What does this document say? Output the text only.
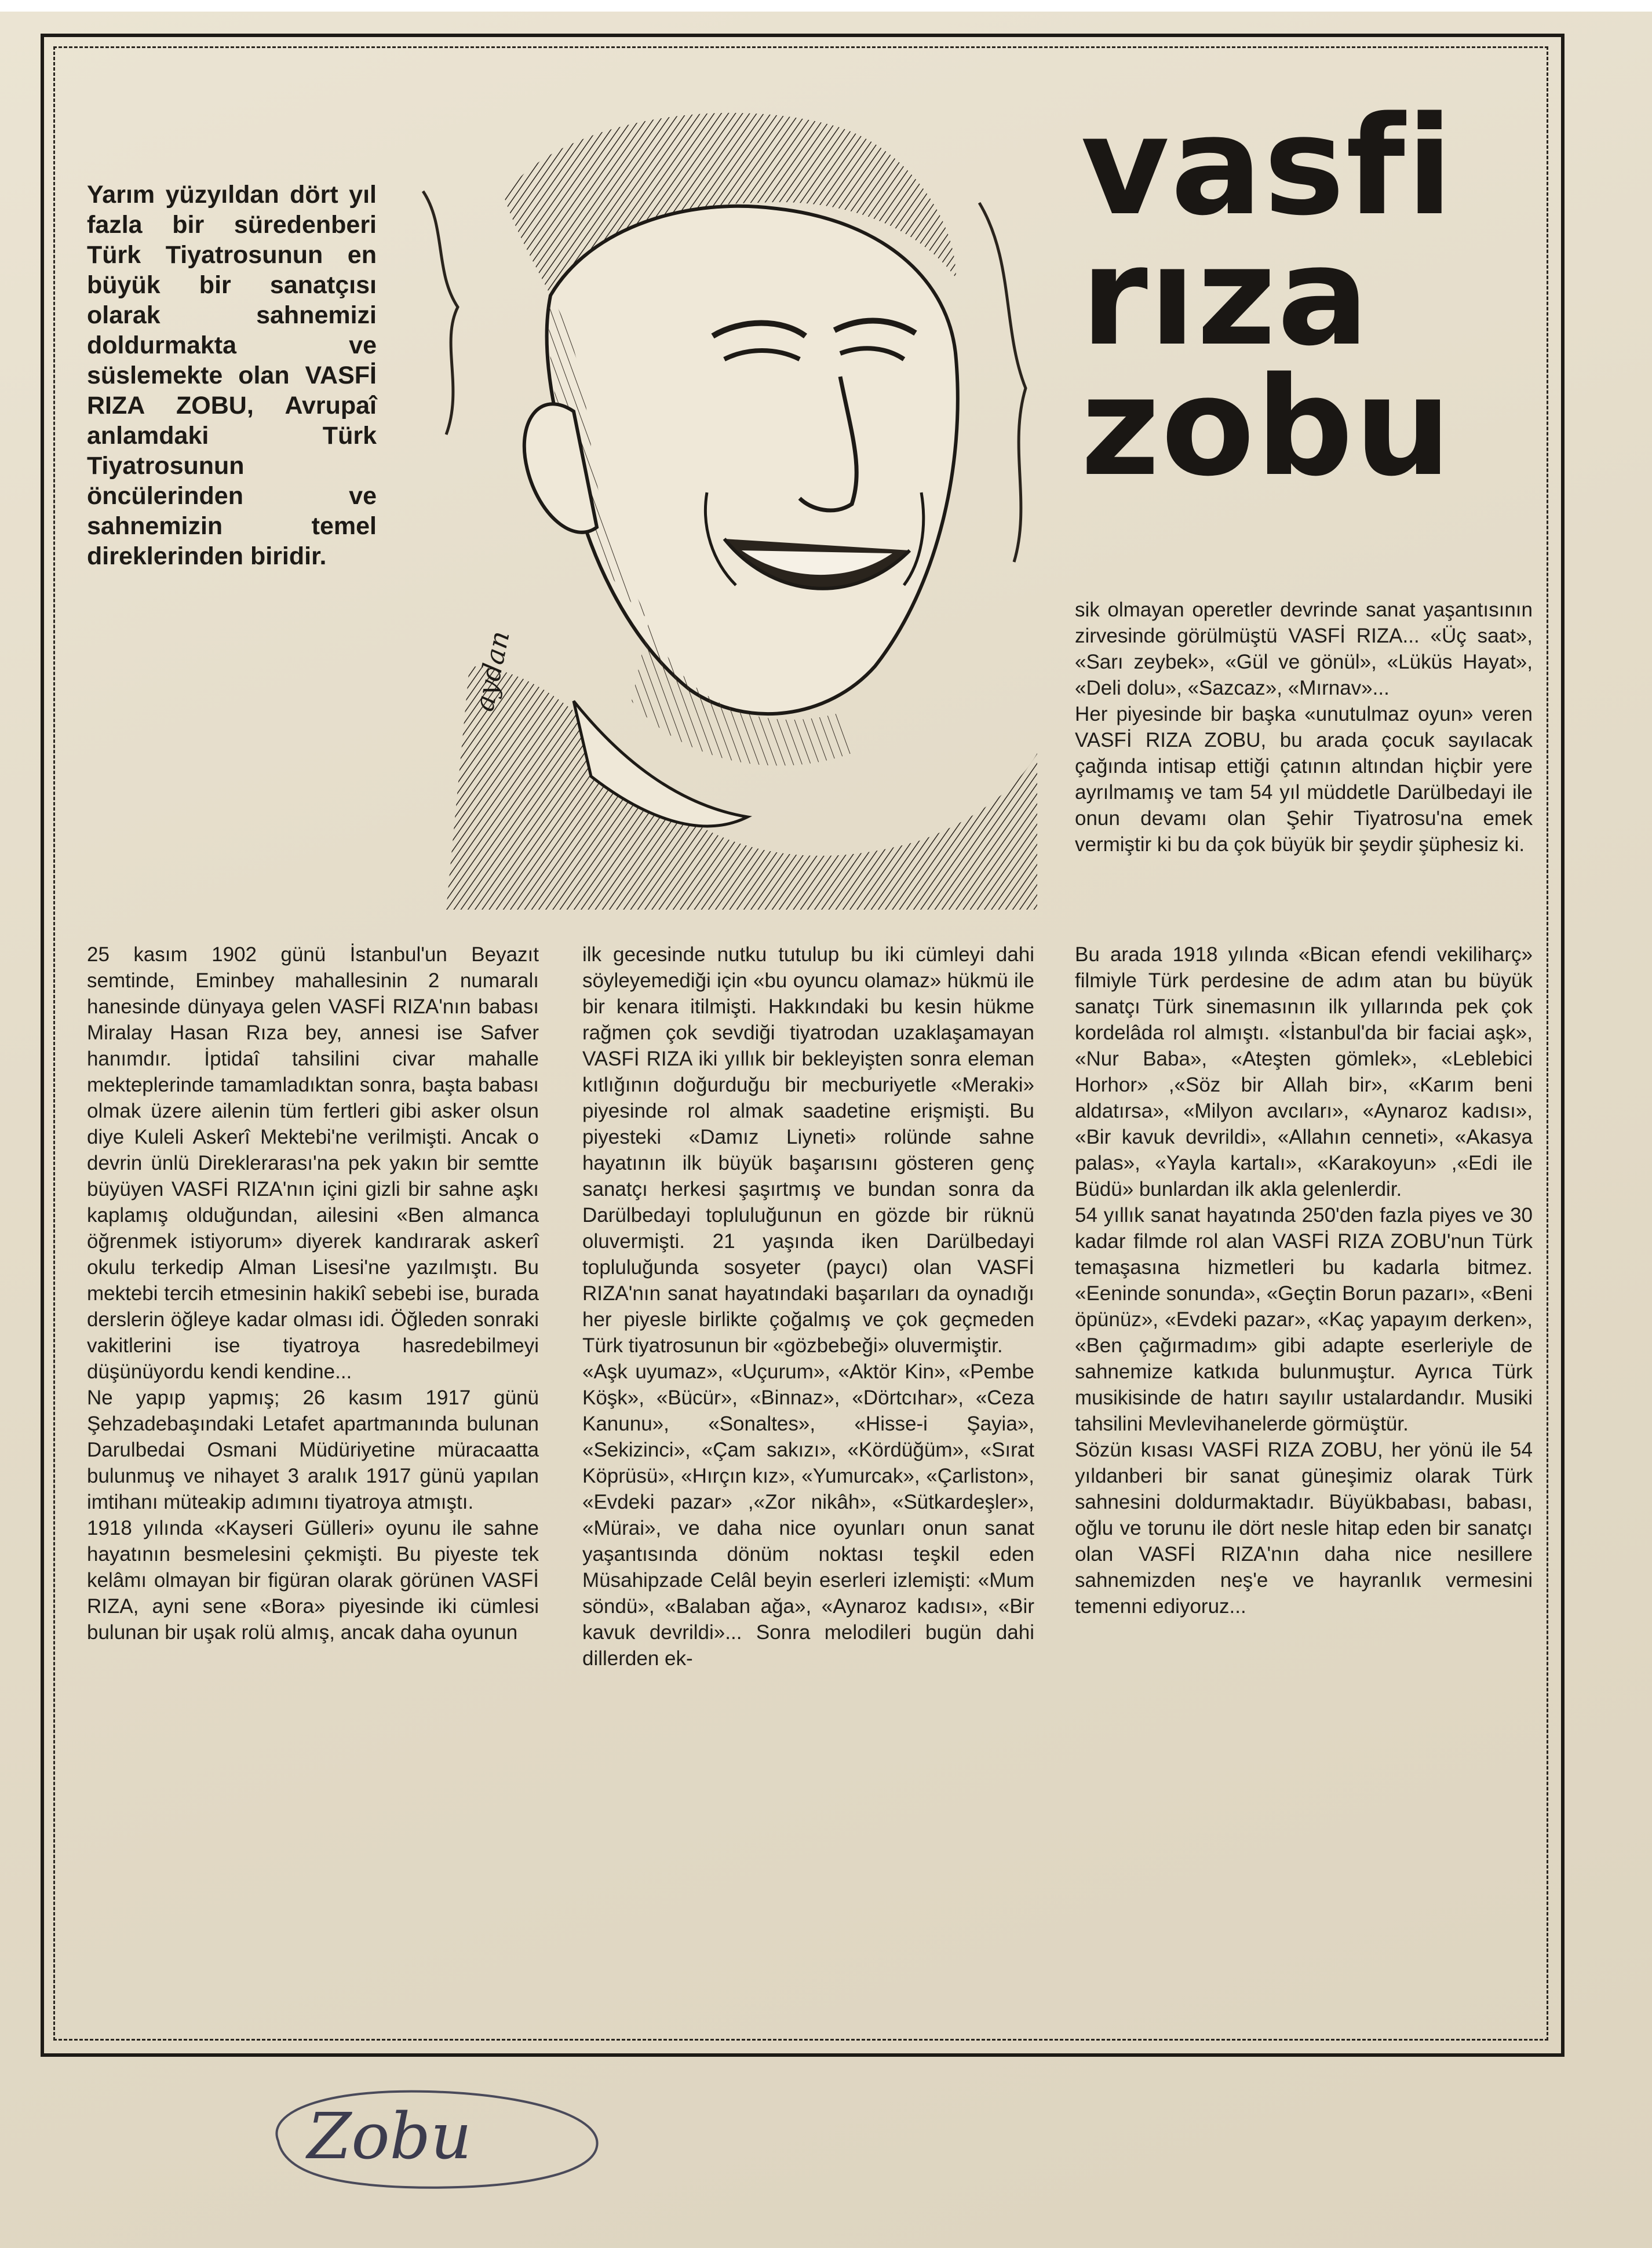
Yarım yüzyıldan dört yıl fazla bir süredenberi Türk Tiyatrosunun en büyük bir sanatçısı olarak sahnemizi doldurmakta ve süslemekte olan VASFİ RIZA ZOBU, Avrupaî anlamdaki Türk Tiyatrosunun öncülerinden ve sahnemizin temel direklerinden biridir.
aydan
vasfi
rıza
zobu

sik olmayan operetler devrinde sanat yaşantısının zirvesinde görülmüştü VASFİ RIZA... «Üç saat», «Sarı zeybek», «Gül ve gönül», «Lüküs Hayat», «Deli dolu», «Sazcaz», «Mırnav»...

Her piyesinde bir başka «unutulmaz oyun» veren VASFİ RIZA ZOBU, bu arada çocuk sayılacak çağında intisap ettiği çatının altından hiçbir yere ayrılmamış ve tam 54 yıl müddetle Darülbedayi ile onun devamı olan Şehir Tiyatrosu'na emek vermiştir ki bu da çok büyük bir şeydir şüphesiz ki.

25 kasım 1902 günü İstanbul'un Beyazıt semtinde, Eminbey mahallesinin 2 numaralı hanesinde dünyaya gelen VASFİ RIZA'nın babası Miralay Hasan Rıza bey, annesi ise Safver hanımdır. İptidaî tahsilini civar mahalle mekteplerinde tamamladıktan sonra, başta babası olmak üzere ailenin tüm fertleri gibi asker olsun diye Kuleli Askerî Mektebi'ne verilmişti. Ancak o devrin ünlü Direklerarası'na pek yakın bir semtte büyüyen VASFİ RIZA'nın içini gizli bir sahne aşkı kaplamış olduğundan, ailesini «Ben almanca öğrenmek istiyorum» diyerek kandırarak askerî okulu terkedip Alman Lisesi'ne yazılmıştı. Bu mektebi tercih etmesinin hakikî sebebi ise, burada derslerin öğleye kadar olması idi. Öğleden sonraki vakitlerini ise tiyatroya hasredebilmeyi düşünüyordu kendi kendine...

Ne yapıp yapmış; 26 kasım 1917 günü Şehzadebaşındaki Letafet apartmanında bulunan Darulbedai Osmani Müdüriyetine müracaatta bulunmuş ve nihayet 3 aralık 1917 günü yapılan imtihanı müteakip adımını tiyatroya atmıştı.

1918 yılında «Kayseri Gülleri» oyunu ile sahne hayatının besmelesini çekmişti. Bu piyeste tek kelâmı olmayan bir figüran olarak görünen VASFİ RIZA, ayni sene «Bora» piyesinde iki cümlesi bulunan bir uşak rolü almış, ancak daha oyunun

ilk gecesinde nutku tutulup bu iki cümleyi dahi söyleyemediği için «bu oyuncu olamaz» hükmü ile bir kenara itilmişti. Hakkındaki bu kesin hükme rağmen çok sevdiği tiyatrodan uzaklaşamayan VASFİ RIZA iki yıllık bir bekleyişten sonra eleman kıtlığının doğurduğu bir mecburiyetle «Meraki» piyesinde rol almak saadetine erişmişti. Bu piyesteki «Damız Liyneti» rolünde sahne hayatının ilk büyük başarısını gösteren genç sanatçı herkesi şaşırtmış ve bundan sonra da Darülbedayi topluluğunun en gözde bir rüknü oluvermişti. 21 yaşında iken Darülbedayi topluluğunda sosyeter (paycı) olan VASFİ RIZA'nın sanat hayatındaki başarıları da oynadığı her piyesle birlikte çoğalmış ve çok geçmeden Türk tiyatrosunun bir «gözbebeği» oluvermiştir.

«Aşk uyumaz», «Uçurum», «Aktör Kin», «Pembe Köşk», «Bücür», «Binnaz», «Dörtcıhar», «Ceza Kanunu», «Sonaltes», «Hisse-i Şayia», «Sekizinci», «Çam sakızı», «Kördüğüm», «Sırat Köprüsü», «Hırçın kız», «Yumurcak», «Çarliston», «Evdeki pazar» ,«Zor nikâh», «Sütkardeşler», «Mürai», ve daha nice oyunları onun sanat yaşantısında dönüm noktası teşkil eden Müsahipzade Celâl beyin eserleri izlemişti: «Mum söndü», «Balaban ağa», «Aynaroz kadısı», «Bir kavuk devrildi»... Sonra melodileri bugün dahi dillerden ek-

Bu arada 1918 yılında «Bican efendi vekiliharç» filmiyle Türk perdesine de adım atan bu büyük sanatçı Türk sinemasının ilk yıllarında pek çok kordelâda rol almıştı. «İstanbul'da bir faciai aşk», «Nur Baba», «Ateşten gömlek», «Leblebici Horhor» ,«Söz bir Allah bir», «Karım beni aldatırsa», «Milyon avcıları», «Aynaroz kadısı», «Bir kavuk devrildi», «Allahın cenneti», «Akasya palas», «Yayla kartalı», «Karakoyun» ,«Edi ile Büdü» bunlardan ilk akla gelenlerdir.

54 yıllık sanat hayatında 250'den fazla piyes ve 30 kadar filmde rol alan VASFİ RIZA ZOBU'nun Türk temaşasına hizmetleri bu kadarla bitmez. «Eeninde sonunda», «Geçtin Borun pazarı», «Beni öpünüz», «Evdeki pazar», «Kaç yapayım derken», «Ben çağırmadım» gibi adapte eserleriyle de sahnemize katkıda bulunmuştur. Ayrıca Türk musikisinde de hatırı sayılır ustalardandır. Musiki tahsilini Mevlevihanelerde görmüştür.

Sözün kısası VASFİ RIZA ZOBU, her yönü ile 54 yıldanberi bir sanat güneşimiz olarak Türk sahnesini doldurmaktadır. Büyükbabası, babası, oğlu ve torunu ile dört nesle hitap eden bir sanatçı olan VASFİ RIZA'nın daha nice nesillere sahnemizden neş'e ve hayranlık vermesini temenni ediyoruz...

Zobu
